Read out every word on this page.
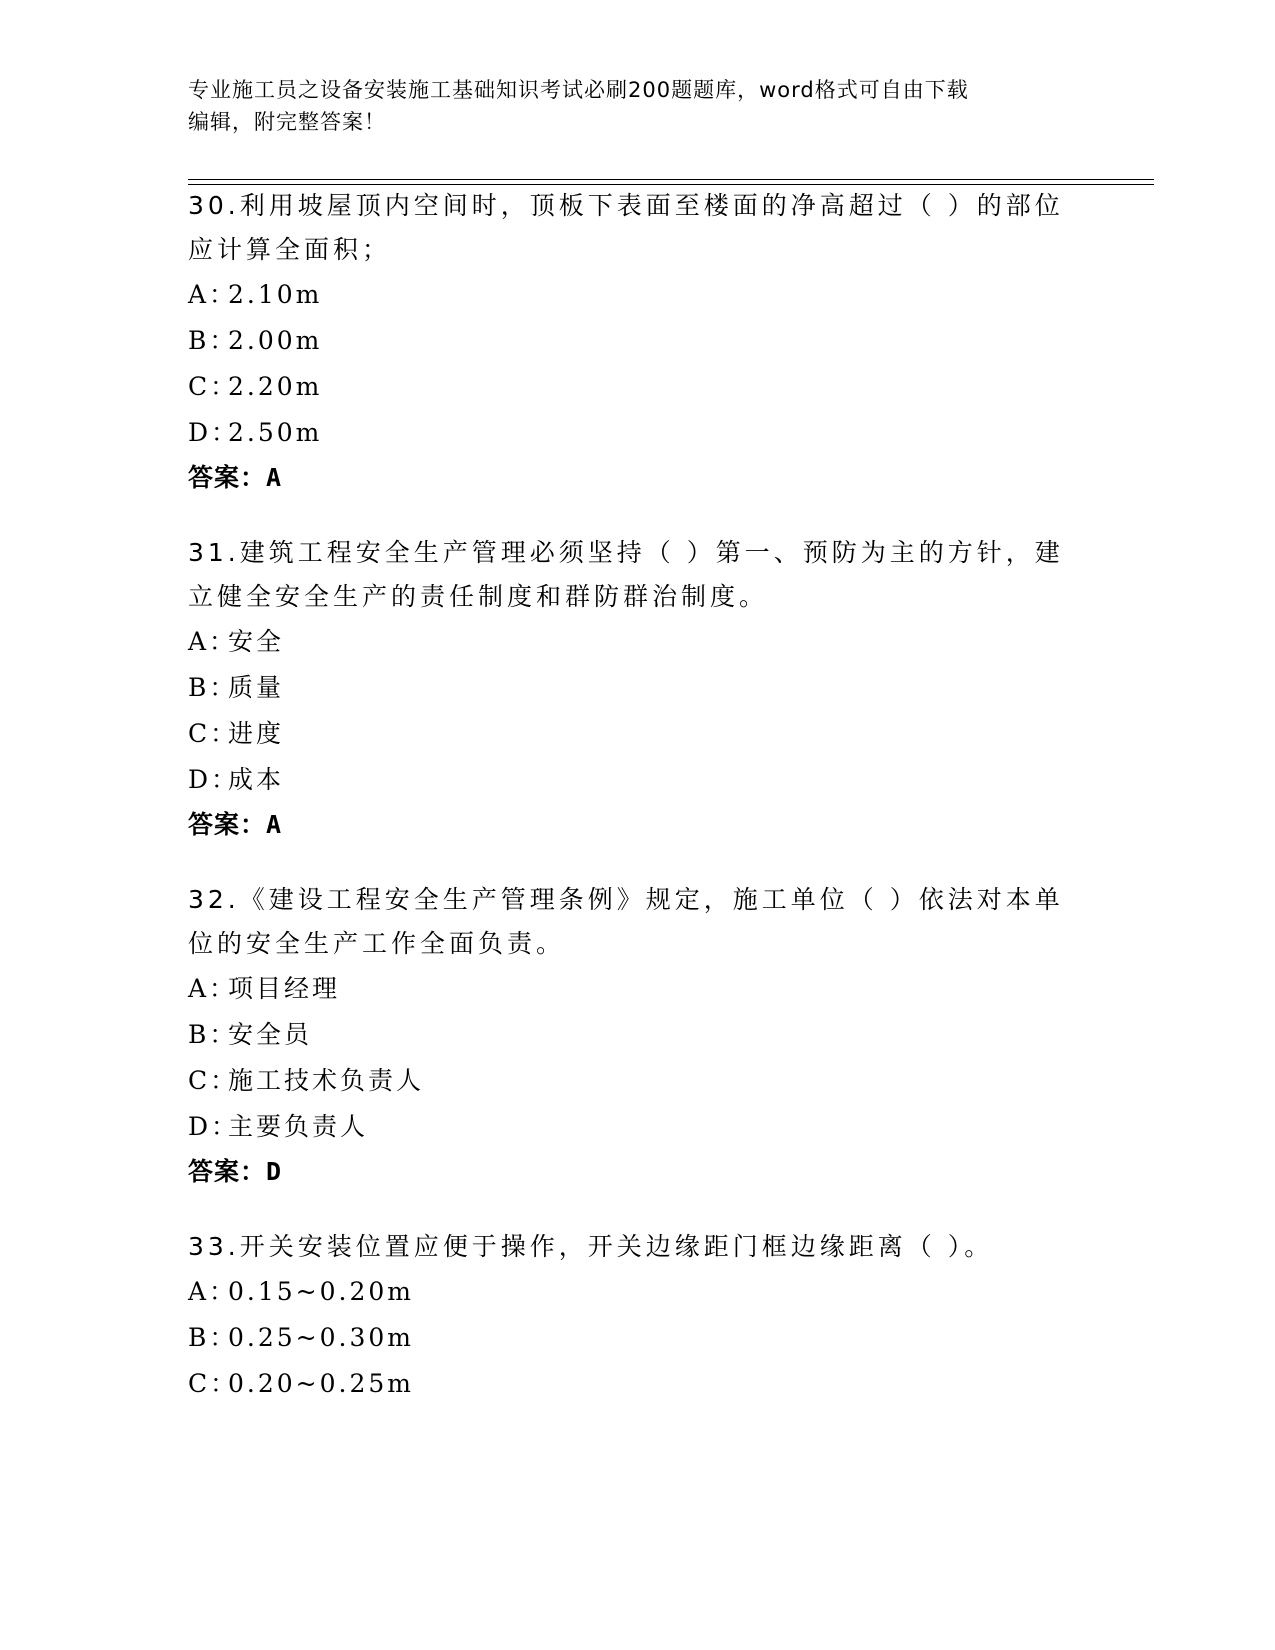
专业施工员之设备安装施工基础知识考试必刷200题题库，word格式可自由下载
编辑，附完整答案！

30.利用坡屋顶内空间时，顶板下表面至楼面的净高超过（ ）的部位

应计算全面积；

A：2.10m

B：2.00m

C：2.20m

D：2.50m

答案：A

31.建筑工程安全生产管理必须坚持（ ）第一、预防为主的方针，建

立健全安全生产的责任制度和群防群治制度。

A：安全

B：质量

C：进度

D：成本

答案：A

32.《建设工程安全生产管理条例》规定，施工单位（ ）依法对本单

位的安全生产工作全面负责。

A：项目经理

B：安全员

C：施工技术负责人

D：主要负责人

答案：D

33.开关安装位置应便于操作，开关边缘距门框边缘距离（ ）。

A：0.15~0.20m

B：0.25~0.30m

C：0.20~0.25m
